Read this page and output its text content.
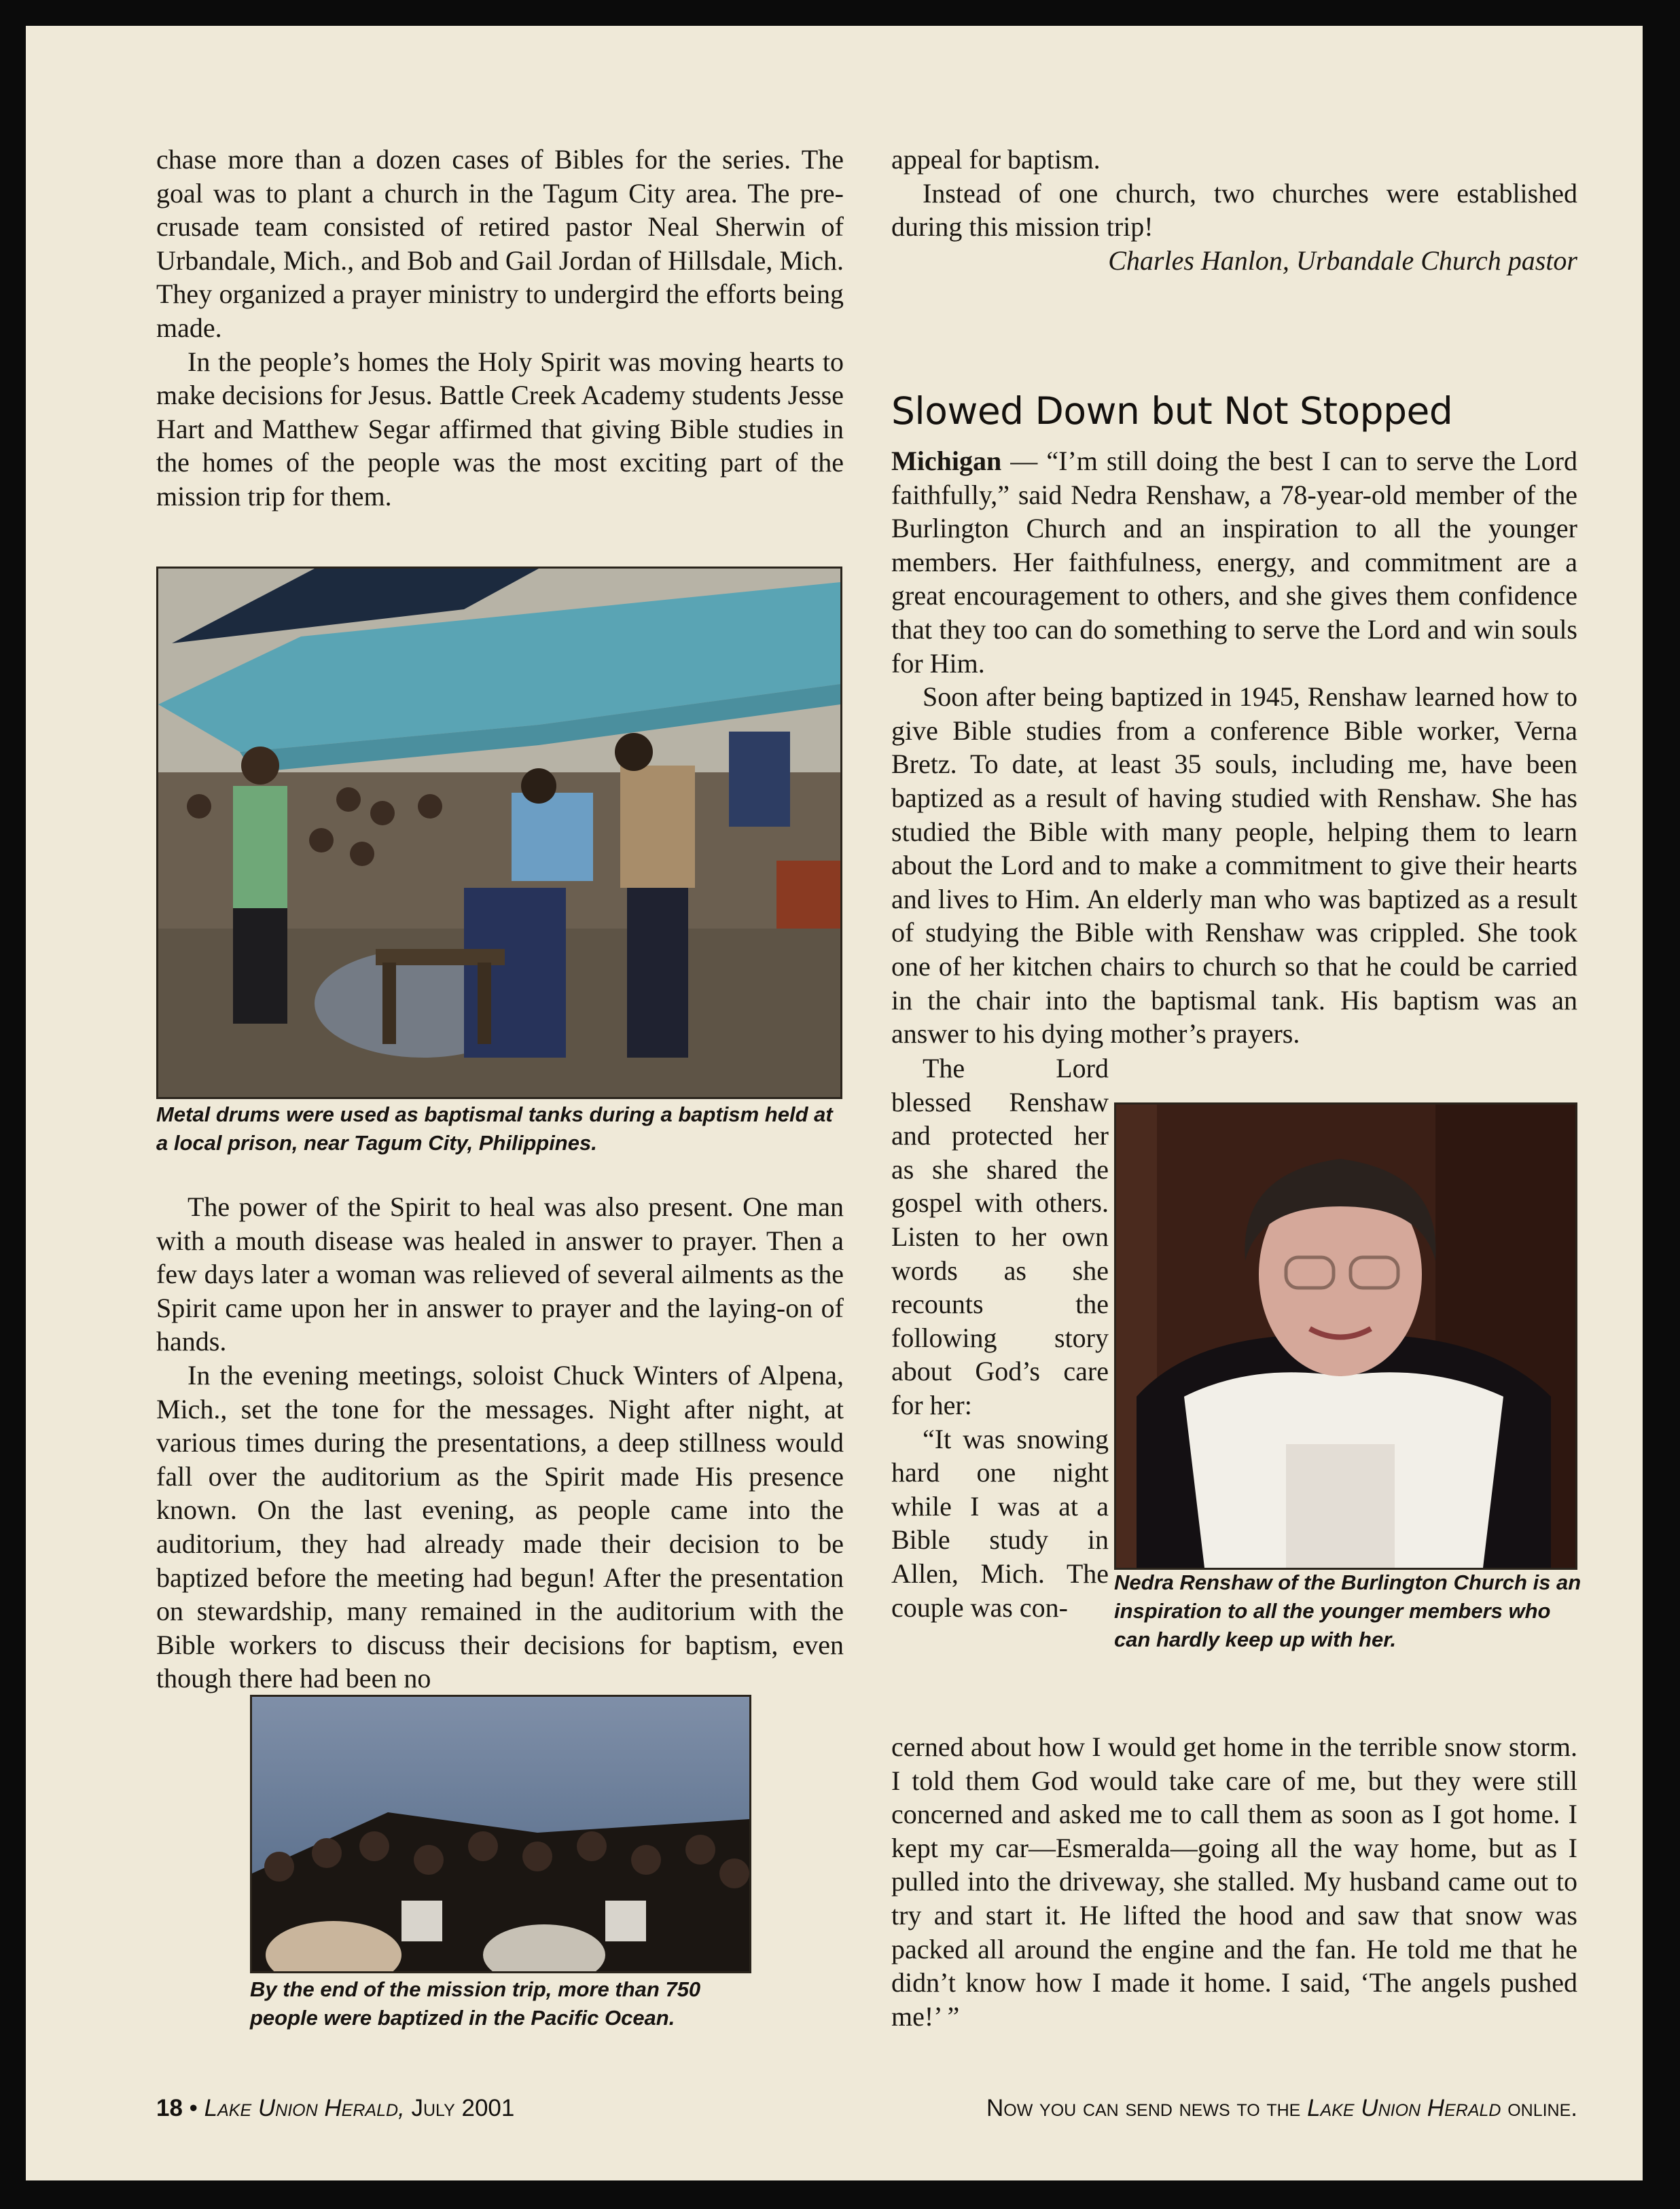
chase more than a dozen cases of Bibles for the series. The goal was to plant a church in the Tagum City area. The pre-crusade team consisted of retired pastor Neal Sherwin of Urbandale, Mich., and Bob and Gail Jordan of Hillsdale, Mich. They organized a prayer ministry to undergird the efforts being made.

In the people’s homes the Holy Spirit was moving hearts to make decisions for Jesus. Battle Creek Academy students Jesse Hart and Matthew Segar affirmed that giving Bible studies in the homes of the people was the most exciting part of the mission trip for them.

Metal drums were used as baptismal tanks during a baptism held at a local prison, near Tagum City, Philippines.

The power of the Spirit to heal was also present. One man with a mouth disease was healed in answer to prayer. Then a few days later a woman was relieved of several ailments as the Spirit came upon her in answer to prayer and the laying-on of hands.

In the evening meetings, soloist Chuck Winters of Alpena, Mich., set the tone for the messages. Night after night, at various times during the presentations, a deep stillness would fall over the auditorium as the Spirit made His presence known. On the last evening, as people came into the auditorium, they had already made their decision to be baptized before the meeting had begun! After the presentation on stewardship, many remained in the auditorium with the Bible workers to discuss their decisions for baptism, even though there had been no

By the end of the mission trip, more than 750 people were baptized in the Pacific Ocean.

appeal for baptism.

Instead of one church, two churches were established during this mission trip!

Charles Hanlon, Urbandale Church pastor
Slowed Down but Not Stopped

Michigan — “I’m still doing the best I can to serve the Lord faithfully,” said Nedra Renshaw, a 78-year-old member of the Burlington Church and an inspiration to all the younger members. Her faithfulness, energy, and commitment are a great encouragement to others, and she gives them confidence that they too can do something to serve the Lord and win souls for Him.

Soon after being baptized in 1945, Renshaw learned how to give Bible studies from a conference Bible worker, Verna Bretz. To date, at least 35 souls, including me, have been baptized as a result of having studied with Renshaw. She has studied the Bible with many people, helping them to learn about the Lord and to make a commitment to give their hearts and lives to Him. An elderly man who was baptized as a result of studying the Bible with Renshaw was crippled. She took one of her kitchen chairs to church so that he could be carried in the chair into the baptismal tank. His baptism was an answer to his dying mother’s prayers.

The Lord blessed Renshaw and protected her as she shared the gospel with others. Listen to her own words as she recounts the following story about God’s care for her:

“It was snowing hard one night while I was at a Bible study in Allen, Mich. The couple was con-

Nedra Renshaw of the Burlington Church is an inspiration to all the younger members who can hardly keep up with her.

cerned about how I would get home in the terrible snow storm. I told them God would take care of me, but they were still concerned and asked me to call them as soon as I got home. I kept my car—Esmeralda—going all the way home, but as I pulled into the driveway, she stalled. My husband came out to try and start it. He lifted the hood and saw that snow was packed all around the engine and the fan. He told me that he didn’t know how I made it home. I said, ‘The angels pushed me!’ ”

18 • Lake Union Herald, July 2001	Now you can send news to the Lake Union Herald online.
